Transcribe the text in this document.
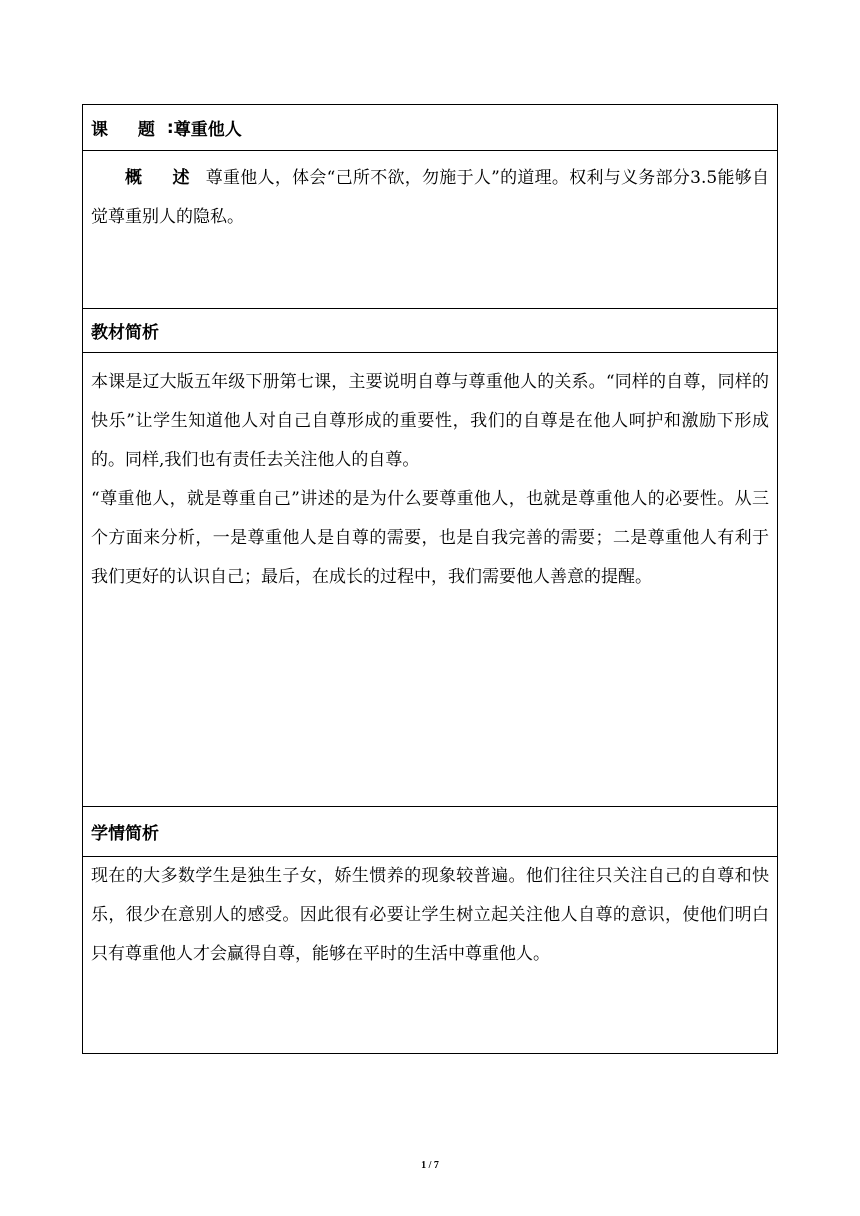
课 题 : 尊重他人

概 述 尊重他人，体会“己所不欲，勿施于人”的道理。权利与义务部分3.5能够自觉尊重别人的隐私。

教材简析

本课是辽大版五年级下册第七课，主要说明自尊与尊重他人的关系。“同样的自尊，同样的快乐”让学生知道他人对自己自尊形成的重要性，我们的自尊是在他人呵护和激励下形成的。同样,我们也有责任去关注他人的自尊。

“尊重他人，就是尊重自己”讲述的是为什么要尊重他人，也就是尊重他人的必要性。从三个方面来分析，一是尊重他人是自尊的需要，也是自我完善的需要；二是尊重他人有利于我们更好的认识自己；最后，在成长的过程中，我们需要他人善意的提醒。

学情简析

现在的大多数学生是独生子女，娇生惯养的现象较普遍。他们往往只关注自己的自尊和快乐，很少在意别人的感受。因此很有必要让学生树立起关注他人自尊的意识，使他们明白只有尊重他人才会赢得自尊，能够在平时的生活中尊重他人。

1 / 7
